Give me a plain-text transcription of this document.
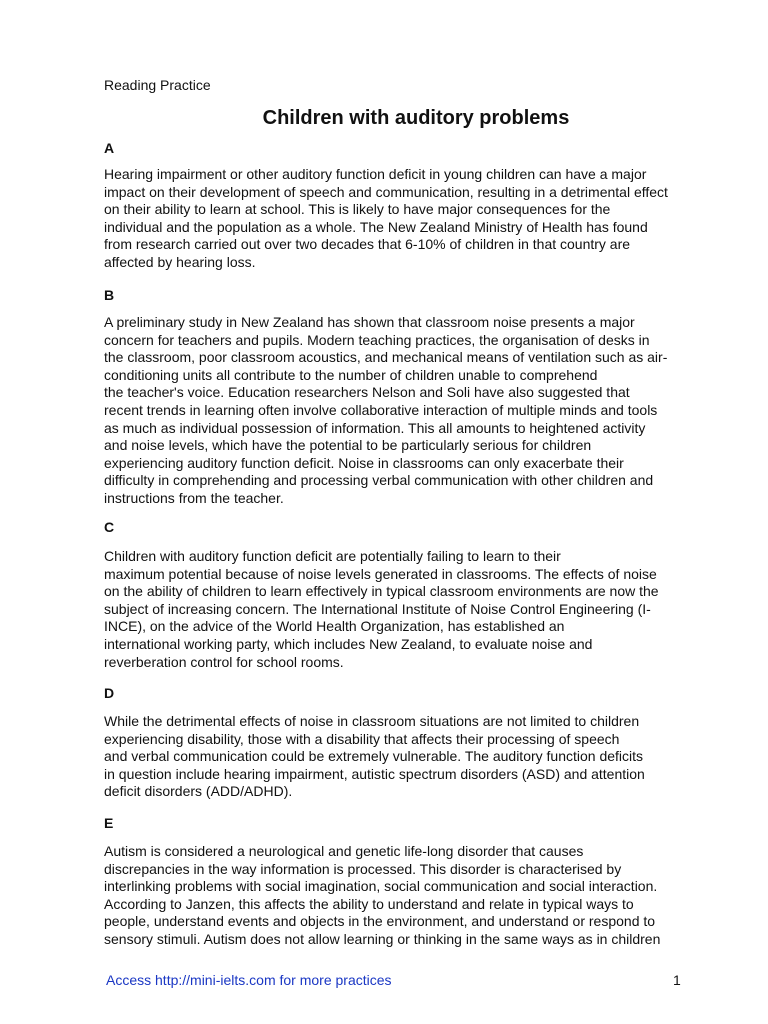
Reading Practice
Children with auditory problems
A

Hearing impairment or other auditory function deficit in young children can have a major
impact on their development of speech and communication, resulting in a detrimental effect
on their ability to learn at school. This is likely to have major consequences for the
individual and the population as a whole. The New Zealand Ministry of Health has found
from research carried out over two decades that 6-10% of children in that country are
affected by hearing loss.

B

A preliminary study in New Zealand has shown that classroom noise presents a major
concern for teachers and pupils. Modern teaching practices, the organisation of desks in
the classroom, poor classroom acoustics, and mechanical means of ventilation such as air-
conditioning units all contribute to the number of children unable to comprehend
the teacher's voice. Education researchers Nelson and Soli have also suggested that
recent trends in learning often involve collaborative interaction of multiple minds and tools
as much as individual possession of information. This all amounts to heightened activity
and noise levels, which have the potential to be particularly serious for children
experiencing auditory function deficit. Noise in classrooms can only exacerbate their
difficulty in comprehending and processing verbal communication with other children and
instructions from the teacher.

C

Children with auditory function deficit are potentially failing to learn to their
maximum potential because of noise levels generated in classrooms. The effects of noise
on the ability of children to learn effectively in typical classroom environments are now the
subject of increasing concern. The International Institute of Noise Control Engineering (I-
INCE), on the advice of the World Health Organization, has established an
international working party, which includes New Zealand, to evaluate noise and
reverberation control for school rooms.

D

While the detrimental effects of noise in classroom situations are not limited to children
experiencing disability, those with a disability that affects their processing of speech
and verbal communication could be extremely vulnerable. The auditory function deficits
in question include hearing impairment, autistic spectrum disorders (ASD) and attention
deficit disorders (ADD/ADHD).

E

Autism is considered a neurological and genetic life-long disorder that causes
discrepancies in the way information is processed. This disorder is characterised by
interlinking problems with social imagination, social communication and social interaction.
According to Janzen, this affects the ability to understand and relate in typical ways to
people, understand events and objects in the environment, and understand or respond to
sensory stimuli. Autism does not allow learning or thinking in the same ways as in children

Access http://mini-ielts.com for more practices	1
